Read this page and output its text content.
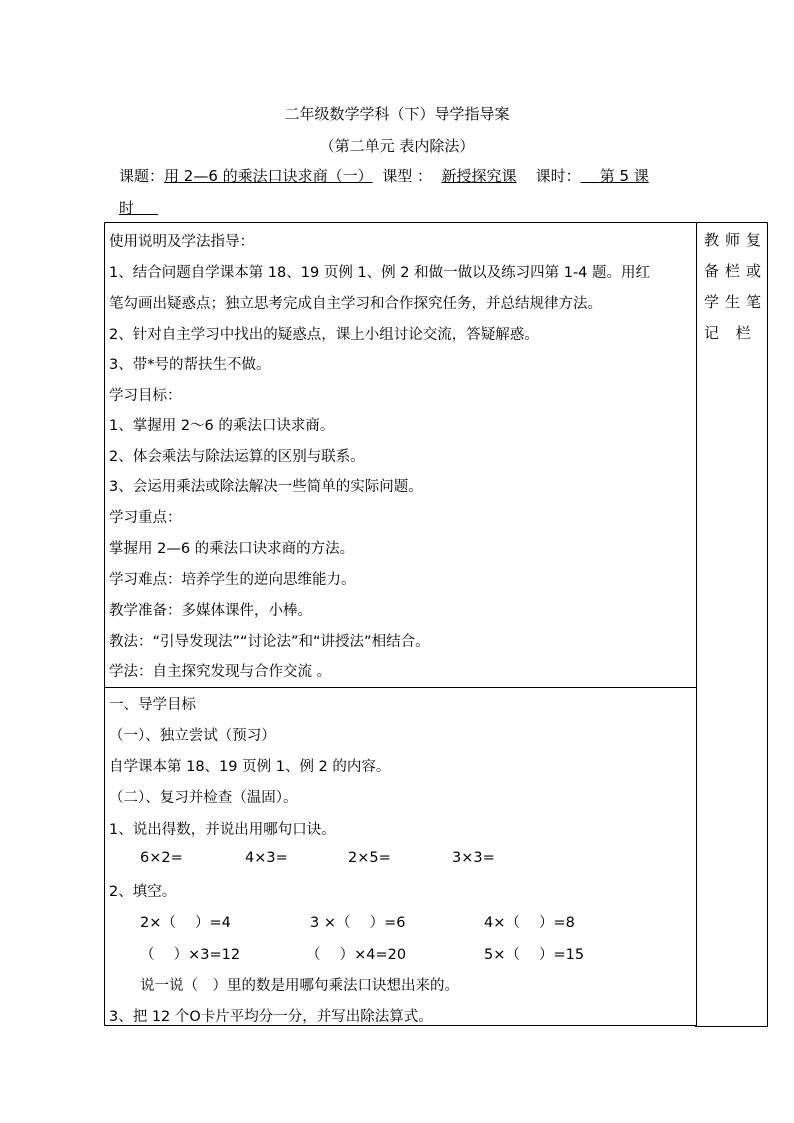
二年级数学学科（下）导学指导案
（第二单元 表内除法）
课题：用 2—6 的乘法口诀求商（一） 课型 ： 新授探究课 课时： 第 5 课
时
教师复
备栏或
学生笔
记 栏
使用说明及学法指导：
1、结合问题自学课本第 18、19 页例 1、例 2 和做一做以及练习四第 1-4 题。用红
笔勾画出疑惑点；独立思考完成自主学习和合作探究任务，并总结规律方法。
2、针对自主学习中找出的疑惑点，课上小组讨论交流，答疑解惑。
3、带*号的帮扶生不做。
学习目标：
1、掌握用 2～6 的乘法口诀求商。
2、体会乘法与除法运算的区别与联系。
3、会运用乘法或除法解决一些简单的实际问题。
学习重点：
掌握用 2—6 的乘法口诀求商的方法。
学习难点：培养学生的逆向思维能力。
教学准备：多媒体课件，小棒。
教法：“引导发现法”“讨论法”和“讲授法”相结合。
学法：自主探究发现与合作交流 。
一、导学目标
（一）、独立尝试（预习）
自学课本第 18、19 页例 1、例 2 的内容。
（二）、复习并检查（温固）。
1、说出得数，并说出用哪句口诀。
6×2=	4×3=	2×5=	3×3=
2、填空。
2×（　 ）=4	3 ×（　 ）=6	4×（　 ）=8
（　 ）×3=12	（　 ）×4=20	5×（　 ）=15
说一说（　）里的数是用哪句乘法口诀想出来的。
3、把 12 个O卡片平均分一分，并写出除法算式。
